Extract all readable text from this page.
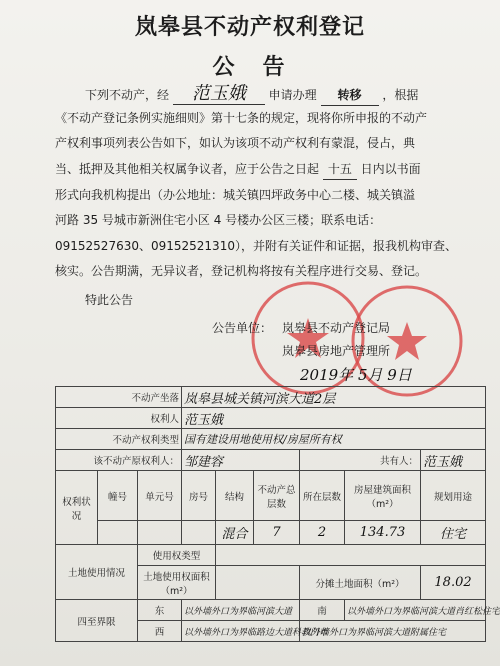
岚皋县不动产权利登记
公　告
下列不动产，经 范玉娥 申请办理 转移 ，根据
《不动产登记条例实施细则》第十七条的规定，现将你所申报的不动产
产权利事项列表公告如下，如认为该项不动产权利有蒙混，侵占，典
当、抵押及其他相关权属争议者，应于公告之日起 十五 日内以书面
形式向我机构提出（办公地址：城关镇四坪政务中心二楼、城关镇溢
河路 35 号城市新洲住宅小区 4 号楼办公区三楼；联系电话：
09152527630、09152521310），并附有关证件和证据，报我机构审查、
核实。公告期满，无异议者，登记机构将按有关程序进行交易、登记。
特此公告
公告单位： 岚皋县不动产登记局
岚皋县房地产管理所
2019年 5月 9日
不动产坐落			岚皋县城关镇河滨大道2层					
权利人			范玉娥					
不动产权利类型			国有建设用地使用权/房屋所有权					
该不动产原权利人：			邹建容			共有人：		范玉娥
权利状况	幢号	单元号	房号	结构	不动产总层数	所在层数	房屋建筑面积（m²）	规划用途
				混合	7	2	134.73	住宅
土地使用情况		使用权类型						
		土地使用权面积（m²）				分摊土地面积（m²）		18.02
四至界限		东	以外墙外口为界临河滨大道			南	以外墙外口为界临河滨大道肖红松住宅	
		西	以外墙外口为界临路边大道科教门市			以外墙外口为界临河滨大道附属住宅		
